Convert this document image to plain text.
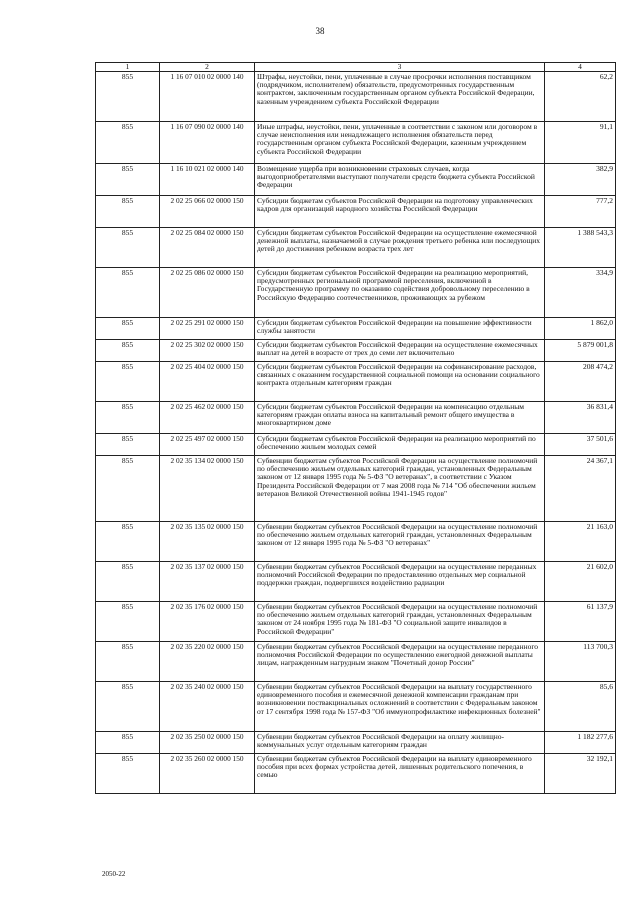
38
1	2	3	4
855	1 16 07 010 02 0000 140	Штрафы, неустойки, пени, уплаченные в случае просрочки исполнения поставщиком (подрядчиком, исполнителем) обязательств, предусмотренных государственным контрактом, заключенным государственным органом субъекта Российской Федерации, казенным учреждением субъекта Российской Федерации	62,2
855	1 16 07 090 02 0000 140	Иные штрафы, неустойки, пени, уплаченные в соответствии с законом или договором в случае неисполнения или ненадлежащего исполнения обязательств перед государственным органом субъекта Российской Федерации, казенным учреждением субъекта Российской Федерации	91,1
855	1 16 10 021 02 0000 140	Возмещение ущерба при возникновении страховых случаев, когда выгодоприобретателями выступают получатели средств бюджета субъекта Российской Федерации	382,9
855	2 02 25 066 02 0000 150	Субсидии бюджетам субъектов Российской Федерации на подготовку управленческих кадров для организаций народного хозяйства Российской Федерации	777,2
855	2 02 25 084 02 0000 150	Субсидии бюджетам субъектов Российской Федерации на осуществление ежемесячной денежной выплаты, назначаемой в случае рождения третьего ребенка или последующих детей до достижения ребенком возраста трех лет	1 388 543,3
855	2 02 25 086 02 0000 150	Субсидии бюджетам субъектов Российской Федерации на реализацию мероприятий, предусмотренных региональной программой переселения, включенной в Государственную программу по оказанию содействия добровольному переселению в Российскую Федерацию соотечественников, проживающих за рубежом	334,9
855	2 02 25 291 02 0000 150	Субсидии бюджетам субъектов Российской Федерации на повышение эффективности службы занятости	1 862,0
855	2 02 25 302 02 0000 150	Субсидии бюджетам субъектов Российской Федерации на осуществление ежемесячных выплат на детей в возрасте от трех до семи лет включительно	5 879 001,8
855	2 02 25 404 02 0000 150	Субсидии бюджетам субъектов Российской Федерации на софинансирование расходов, связанных с оказанием государственной социальной помощи на основании социального контракта отдельным категориям граждан	208 474,2
855	2 02 25 462 02 0000 150	Субсидии бюджетам субъектов Российской Федерации на компенсацию отдельным категориям граждан оплаты взноса на капитальный ремонт общего имущества в многоквартирном доме	36 831,4
855	2 02 25 497 02 0000 150	Субсидии бюджетам субъектов Российской Федерации на реализацию мероприятий по обеспечению жильем молодых семей	37 501,6
855	2 02 35 134 02 0000 150	Субвенции бюджетам субъектов Российской Федерации на осуществление полномочий по обеспечению жильем отдельных категорий граждан, установленных Федеральным законом от 12 января 1995 года № 5-ФЗ "О ветеранах", в соответствии с Указом Президента Российской Федерации от 7 мая 2008 года № 714 "Об обеспечении жильем ветеранов Великой Отечественной войны 1941-1945 годов"	24 367,1
855	2 02 35 135 02 0000 150	Субвенции бюджетам субъектов Российской Федерации на осуществление полномочий по обеспечению жильем отдельных категорий граждан, установленных Федеральным законом от 12 января 1995 года № 5-ФЗ "О ветеранах"	21 163,0
855	2 02 35 137 02 0000 150	Субвенции бюджетам субъектов Российской Федерации на осуществление переданных полномочий Российской Федерации по предоставлению отдельных мер социальной поддержки граждан, подвергшихся воздействию радиации	21 602,0
855	2 02 35 176 02 0000 150	Субвенции бюджетам субъектов Российской Федерации на осуществление полномочий по обеспечению жильем отдельных категорий граждан, установленных Федеральным законом от 24 ноября 1995 года № 181-ФЗ "О социальной защите инвалидов в Российской Федерации"	61 137,9
855	2 02 35 220 02 0000 150	Субвенции бюджетам субъектов Российской Федерации на осуществление переданного полномочия Российской Федерации по осуществлению ежегодной денежной выплаты лицам, награжденным нагрудным знаком "Почетный донор России"	113 700,3
855	2 02 35 240 02 0000 150	Субвенции бюджетам субъектов Российской Федерации на выплату государственного единовременного пособия и ежемесячной денежной компенсации гражданам при возникновении поствакцинальных осложнений в соответствии с Федеральным законом от 17 сентября 1998 года № 157-ФЗ "Об иммунопрофилактике инфекционных болезней"	85,6
855	2 02 35 250 02 0000 150	Субвенции бюджетам субъектов Российской Федерации на оплату жилищно-коммунальных услуг отдельным категориям граждан	1 182 277,6
855	2 02 35 260 02 0000 150	Субвенции бюджетам субъектов Российской Федерации на выплату единовременного пособия при всех формах устройства детей, лишенных родительского попечения, в семью	32 192,1
2050-22
